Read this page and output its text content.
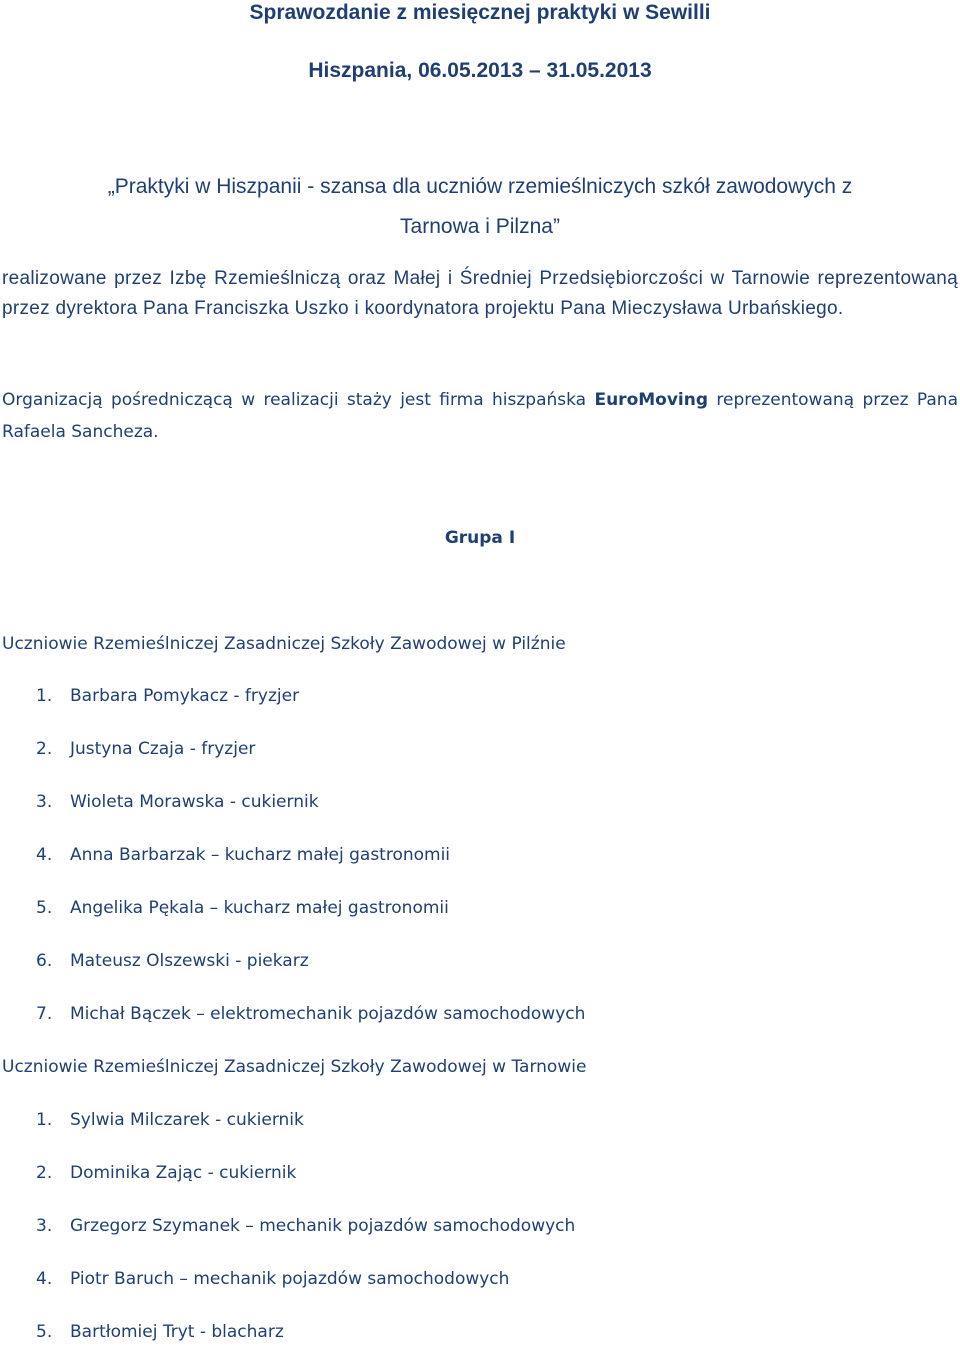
Sprawozdanie z miesięcznej praktyki w Sewilli
Hiszpania, 06.05.2013 – 31.05.2013
„Praktyki w Hiszpanii - szansa dla uczniów rzemieślniczych szkół zawodowych z
Tarnowa i Pilzna”
realizowane przez Izbę Rzemieślniczą oraz Małej i Średniej Przedsiębiorczości w Tarnowie reprezentowaną przez dyrektora Pana Franciszka Uszko i koordynatora projektu Pana Mieczysława Urbańskiego.
Organizacją pośredniczącą w realizacji staży jest firma hiszpańska EuroMoving reprezentowaną przez Pana Rafaela Sancheza.
Grupa I
Uczniowie Rzemieślniczej Zasadniczej Szkoły Zawodowej w Pilźnie
1. Barbara Pomykacz - fryzjer
2. Justyna Czaja - fryzjer
3. Wioleta Morawska - cukiernik
4. Anna Barbarzak – kucharz małej gastronomii
5. Angelika Pękala – kucharz małej gastronomii
6. Mateusz Olszewski - piekarz
7. Michał Bączek – elektromechanik pojazdów samochodowych
Uczniowie Rzemieślniczej Zasadniczej Szkoły Zawodowej w Tarnowie
1. Sylwia Milczarek - cukiernik
2. Dominika Zając - cukiernik
3. Grzegorz Szymanek – mechanik pojazdów samochodowych
4. Piotr Baruch – mechanik pojazdów samochodowych
5. Bartłomiej Tryt - blacharz
